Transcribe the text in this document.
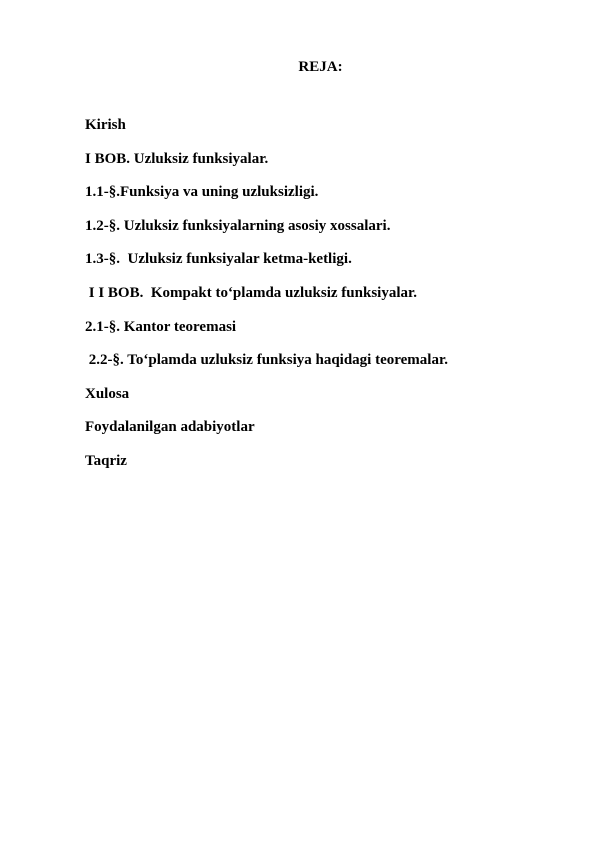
REJA:
Kirish
I BOB. Uzluksiz funksiyalar.
1.1-§.Funksiya va uning uzluksizligi.
1.2-§. Uzluksiz funksiyalarning asosiy xossalari.
1.3-§.  Uzluksiz funksiyalar ketma-ketligi.
I I BOB.  Kompakt to‘plamda uzluksiz funksiyalar.
2.1-§. Kantor teoremasi
2.2-§. To‘plamda uzluksiz funksiya haqidagi teoremalar.
Xulosa
Foydalanilgan adabiyotlar
Taqriz
